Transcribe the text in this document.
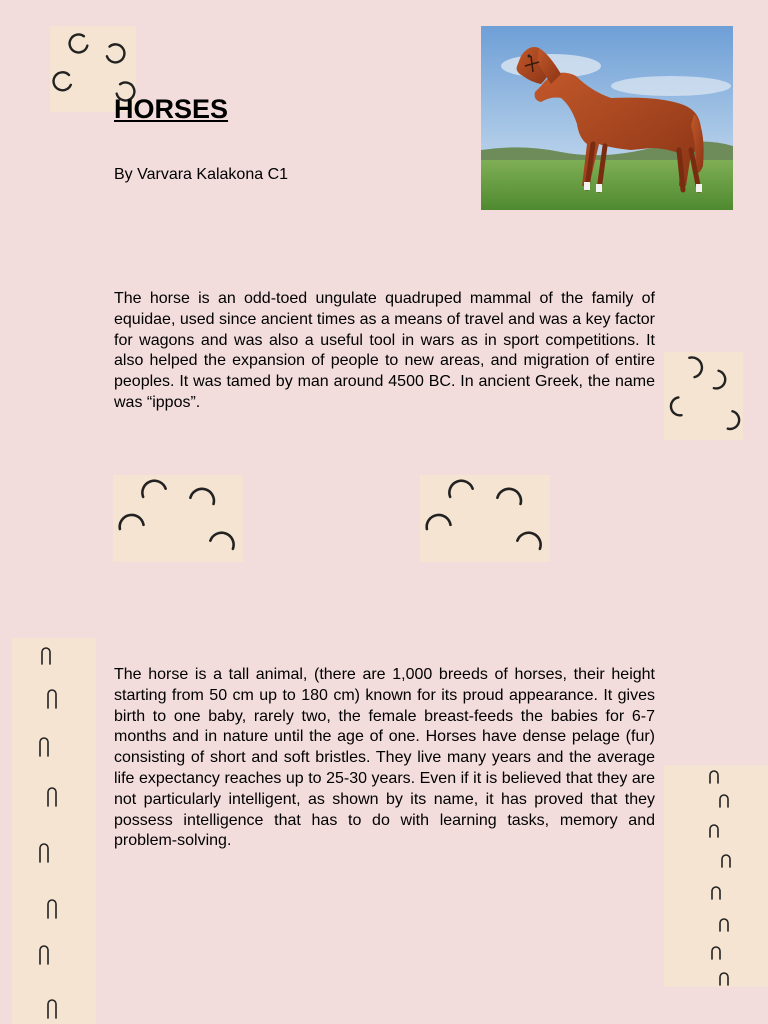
HORSES

By Varvara Kalakona C1

The horse is an odd-toed ungulate quadruped mammal of the family of equidae, used since ancient times as a means of travel and was a key factor for wagons and was also a useful tool in wars as in sport competitions. It also helped the expansion of people to new areas, and migration of entire peoples. It was tamed by man around 4500 BC. In ancient Greek, the name was “ippos”.

The horse is a tall animal, (there are 1,000 breeds of horses, their height starting from 50 cm up to 180 cm) known for its proud appearance. It gives birth to one baby, rarely two, the female breast-feeds the babies for 6-7 months and in nature until the age of one. Horses have dense pelage (fur) consisting of short and soft bristles. They live many years and the average life expectancy reaches up to 25-30 years. Even if it is believed that they are not particularly intelligent, as shown by its name, it has proved that they possess intelligence that has to do with learning tasks, memory and problem-solving.
